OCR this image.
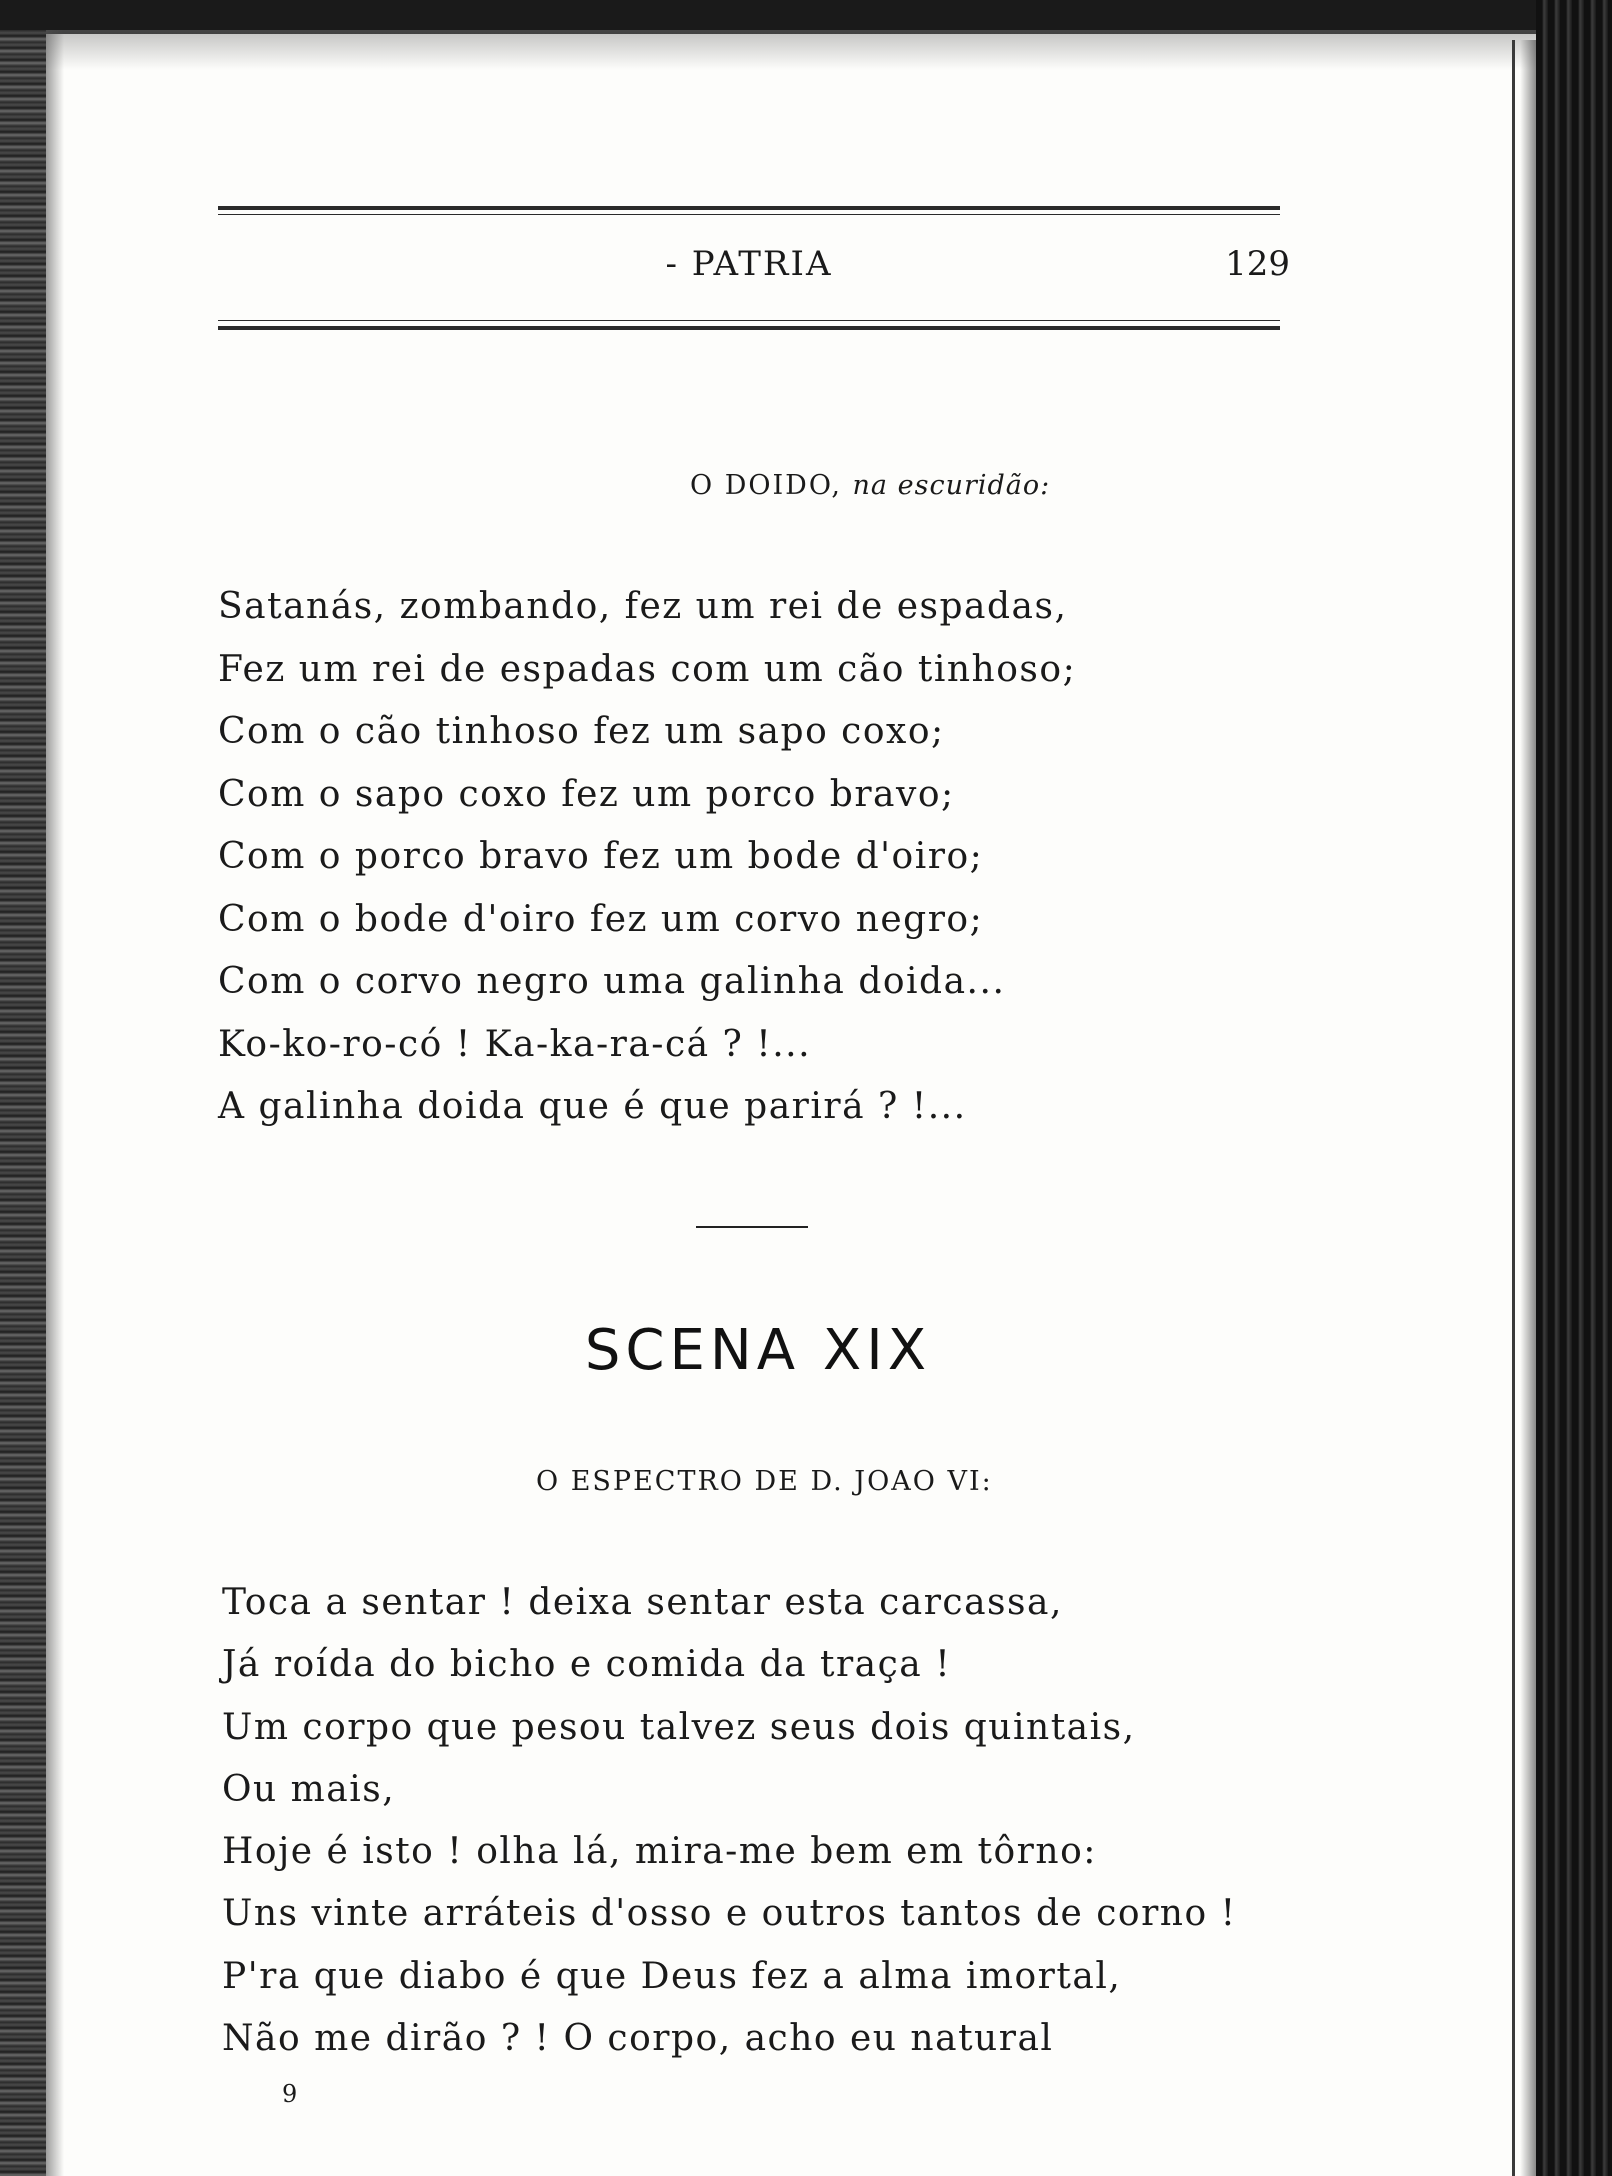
- PATRIA	129
O DOIDO, na escuridão:
Satanás, zombando, fez um rei de espadas,
Fez um rei de espadas com um cão tinhoso;
Com o cão tinhoso fez um sapo coxo;
Com o sapo coxo fez um porco bravo;
Com o porco bravo fez um bode d'oiro;
Com o bode d'oiro fez um corvo negro;
Com o corvo negro uma galinha doida...
Ko-ko-ro-có ! Ka-ka-ra-cá ? !...
A galinha doida que é que parirá ? !...
SCENA XIX
O ESPECTRO DE D. JOAO VI:
Toca a sentar ! deixa sentar esta carcassa,
Já roída do bicho e comida da traça !
Um corpo que pesou talvez seus dois quintais,
Ou mais,
Hoje é isto ! olha lá, mira-me bem em tôrno:
Uns vinte arráteis d'osso e outros tantos de corno !
P'ra que diabo é que Deus fez a alma imortal,
Não me dirão ? ! O corpo, acho eu natural
9
